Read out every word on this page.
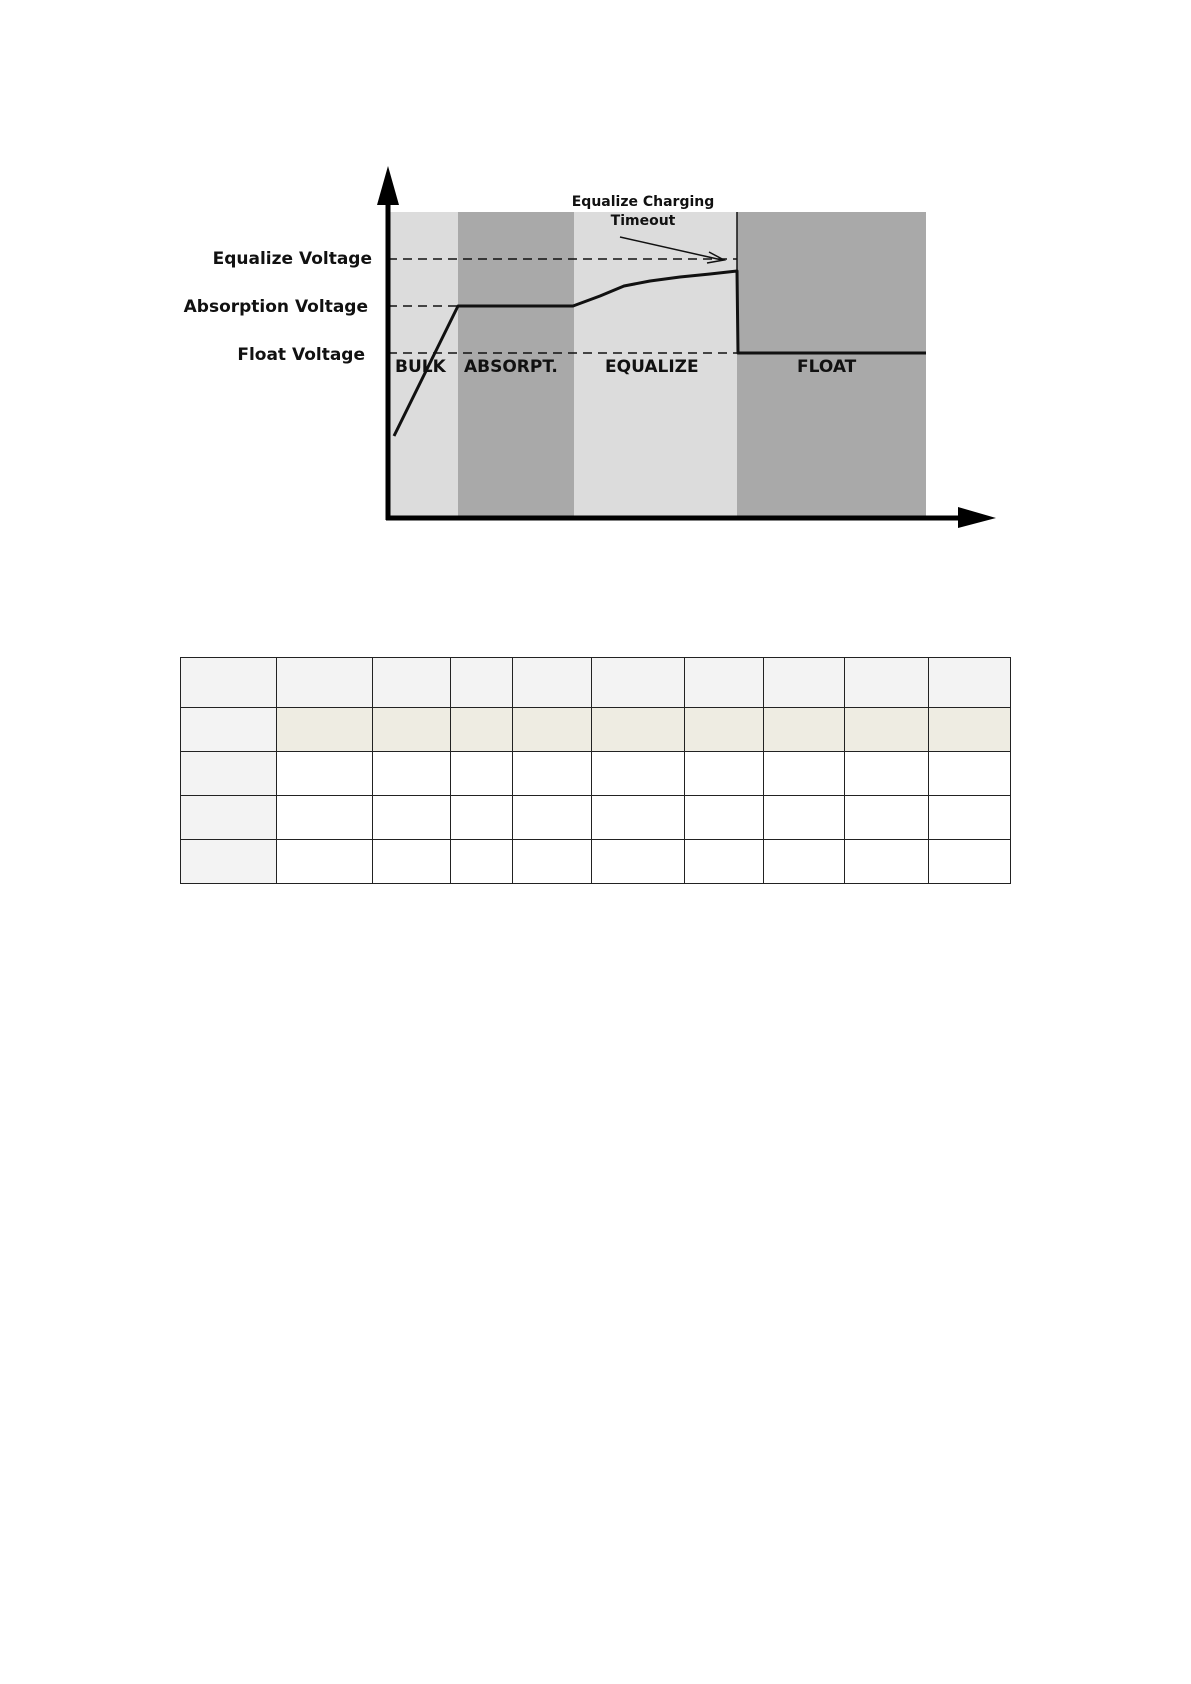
Equalize Voltage
Absorption Voltage
Float Voltage
BULK ABSORPT.	EQUALIZE	FLOAT
Equalize Charging
Timeout
